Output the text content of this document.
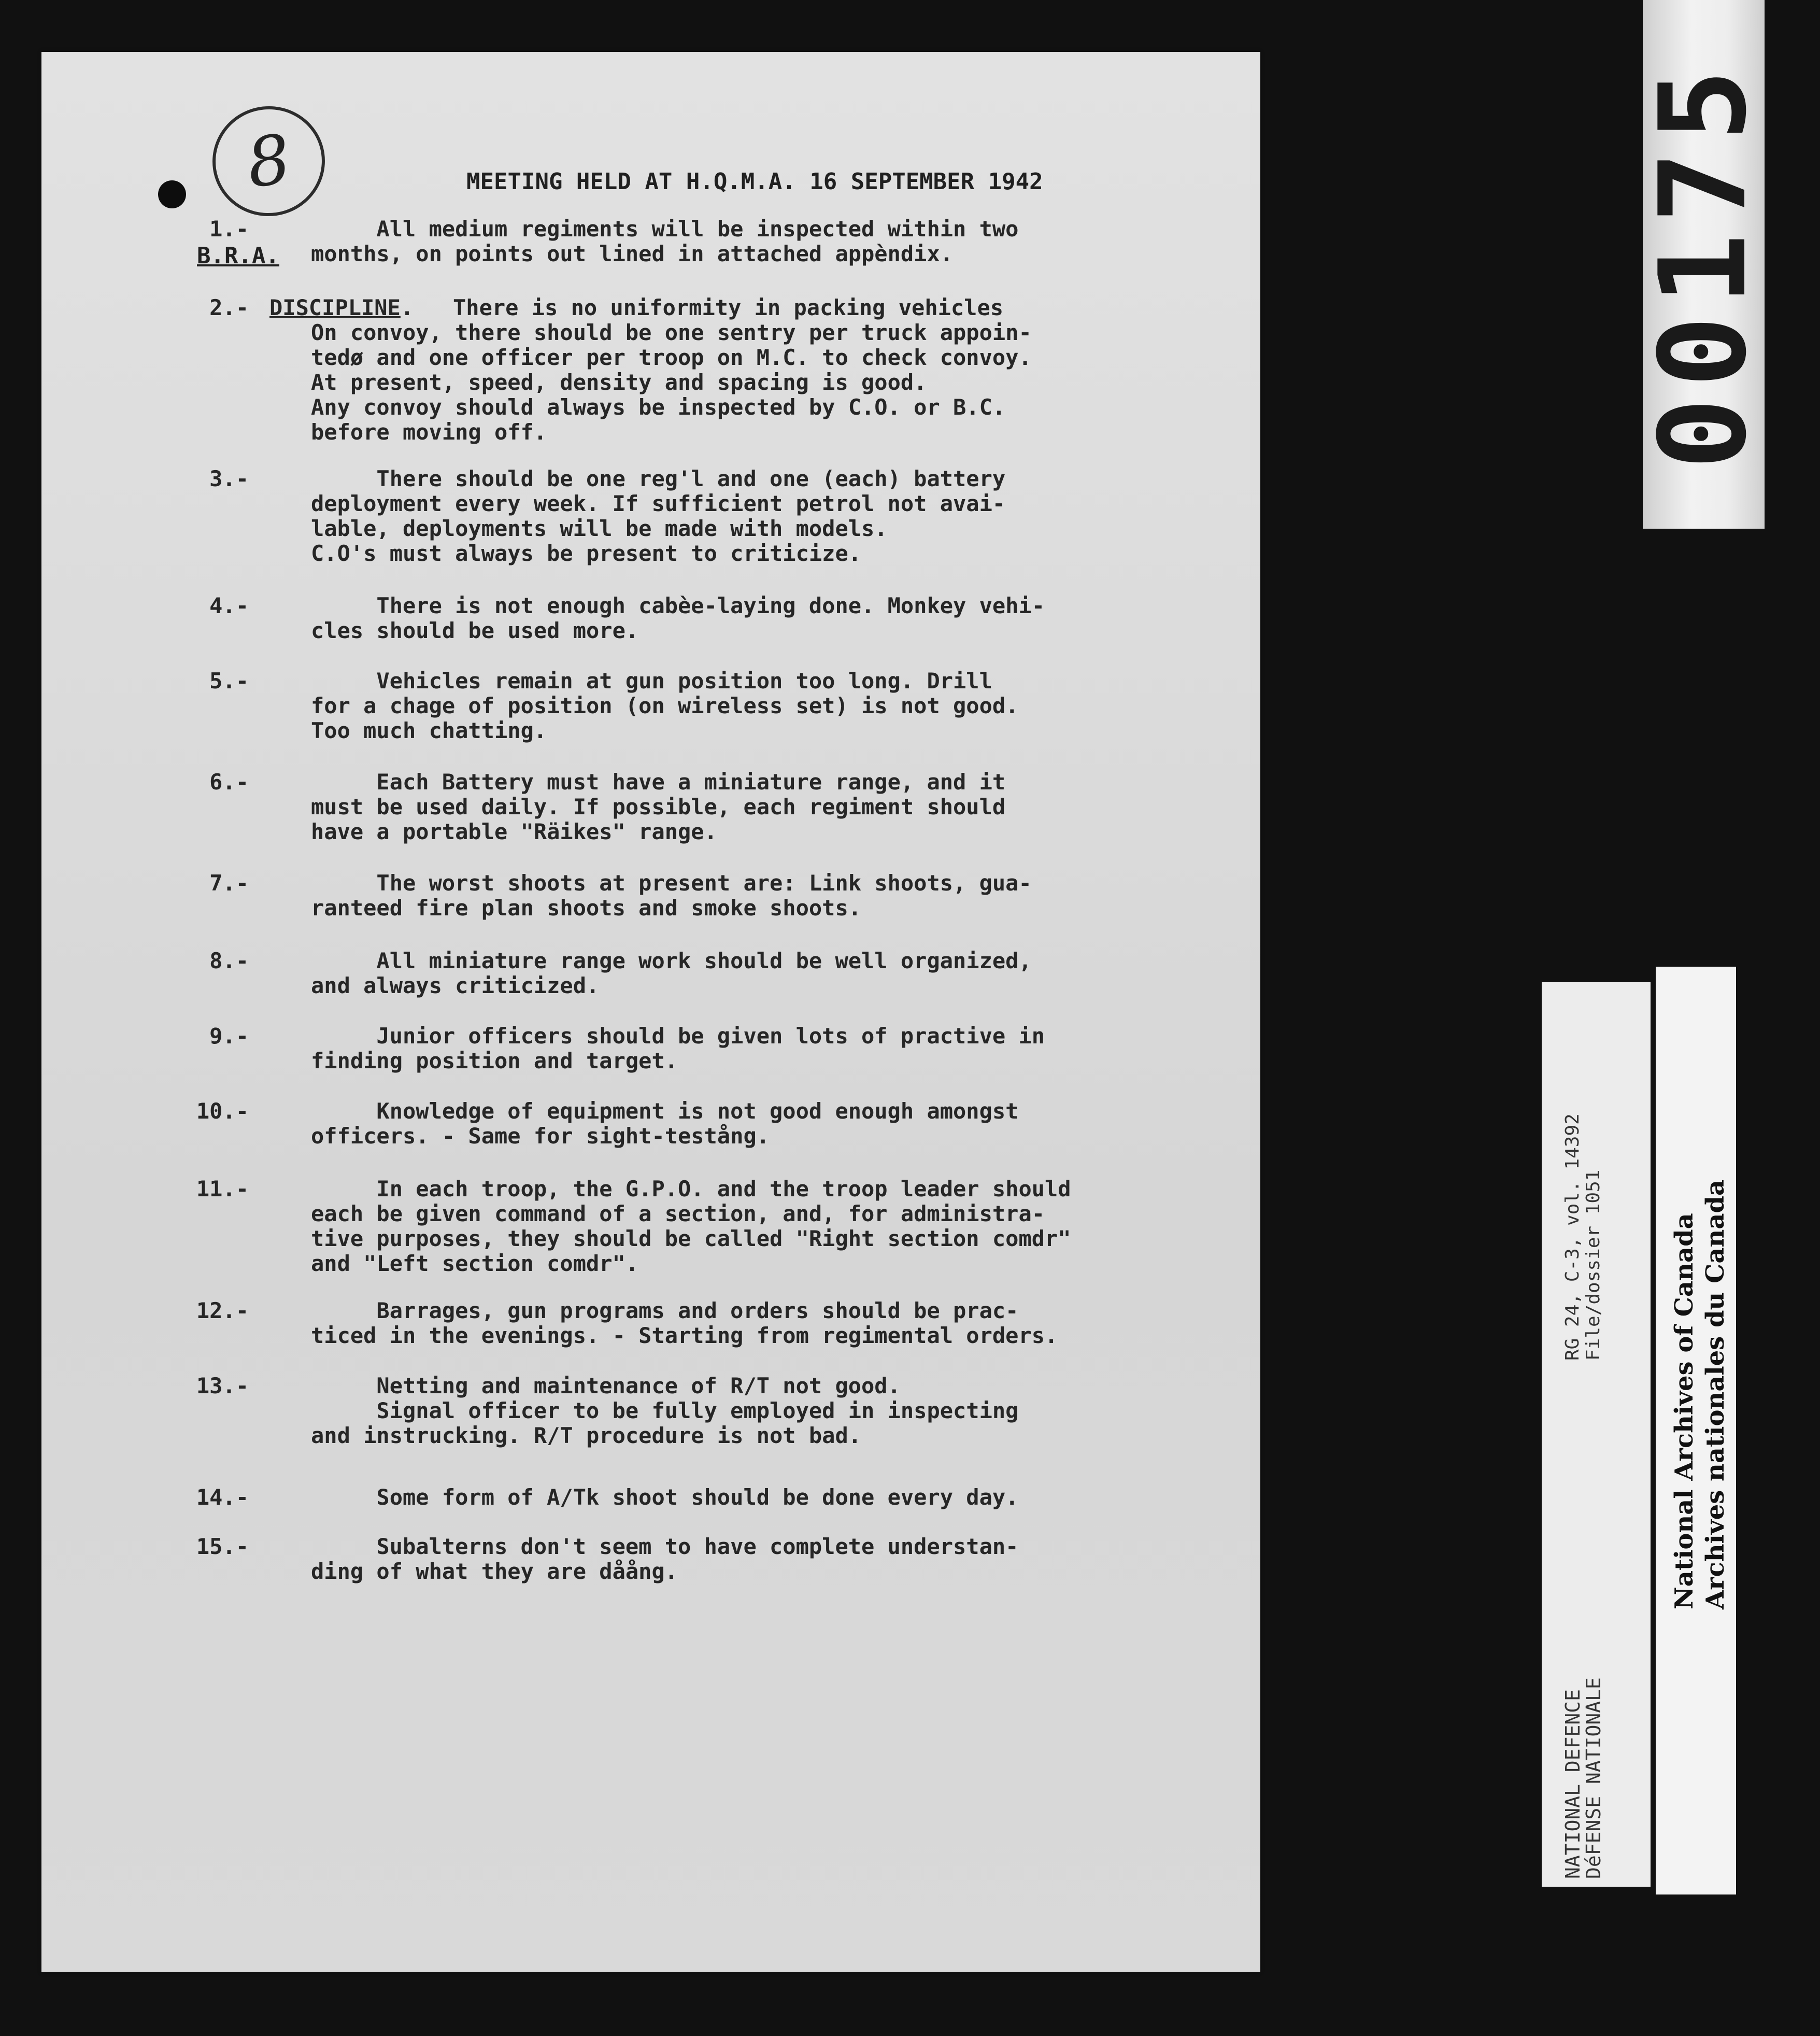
8	MEETING HELD AT H.Q.M.A. 16 SEPTEMBER 1942
B.R.A.
1.-	All medium regiments will be inspected within two
months, on points out lined in attached appèndix.
2.- DISCIPLINE.   There is no uniformity in packing vehicles
On convoy, there should be one sentry per truck appoin-
tedø and one officer per troop on M.C. to check convoy.
At present, speed, density and spacing is good.
Any convoy should always be inspected by C.O. or B.C.
before moving off.
3.-	There should be one reg'l and one (each) battery
deployment every week. If sufficient petrol not avai-
lable, deployments will be made with models.
C.O's must always be present to criticize.
4.-	There is not enough cabèe-laying done. Monkey vehi-
cles should be used more.
5.-	Vehicles remain at gun position too long. Drill
for a chage of position (on wireless set) is not good.
Too much chatting.
6.-	Each Battery must have a miniature range, and it
must be used daily. If possible, each regiment should
have a portable "Räikes" range.
7.-	The worst shoots at present are: Link shoots, gua-
ranteed fire plan shoots and smoke shoots.
8.-	All miniature range work should be well organized,
and always criticized.
9.-	Junior officers should be given lots of practive in
finding position and target.
10.-	Knowledge of equipment is not good enough amongst
officers. - Same for sight-testång.
11.-	In each troop, the G.P.O. and the troop leader should
each be given command of a section, and, for administra-
tive purposes, they should be called "Right section comdr"
and "Left section comdr".
12.-	Barrages, gun programs and orders should be prac-
ticed in the evenings. - Starting from regimental orders.
13.-	Netting and maintenance of R/T not good.
Signal officer to be fully employed in inspecting
and instrucking. R/T procedure is not bad.
14.-	Some form of A/Tk shoot should be done every day.
15.-	Subalterns don't seem to have complete understan-
ding of what they are dåång.
00175
RG 24, C-3, vol. 14392
File/dossier 1051
NATIONAL DEFENCE
DéFENSE NATIONALE
National Archives of Canada
Archives nationales du Canada
